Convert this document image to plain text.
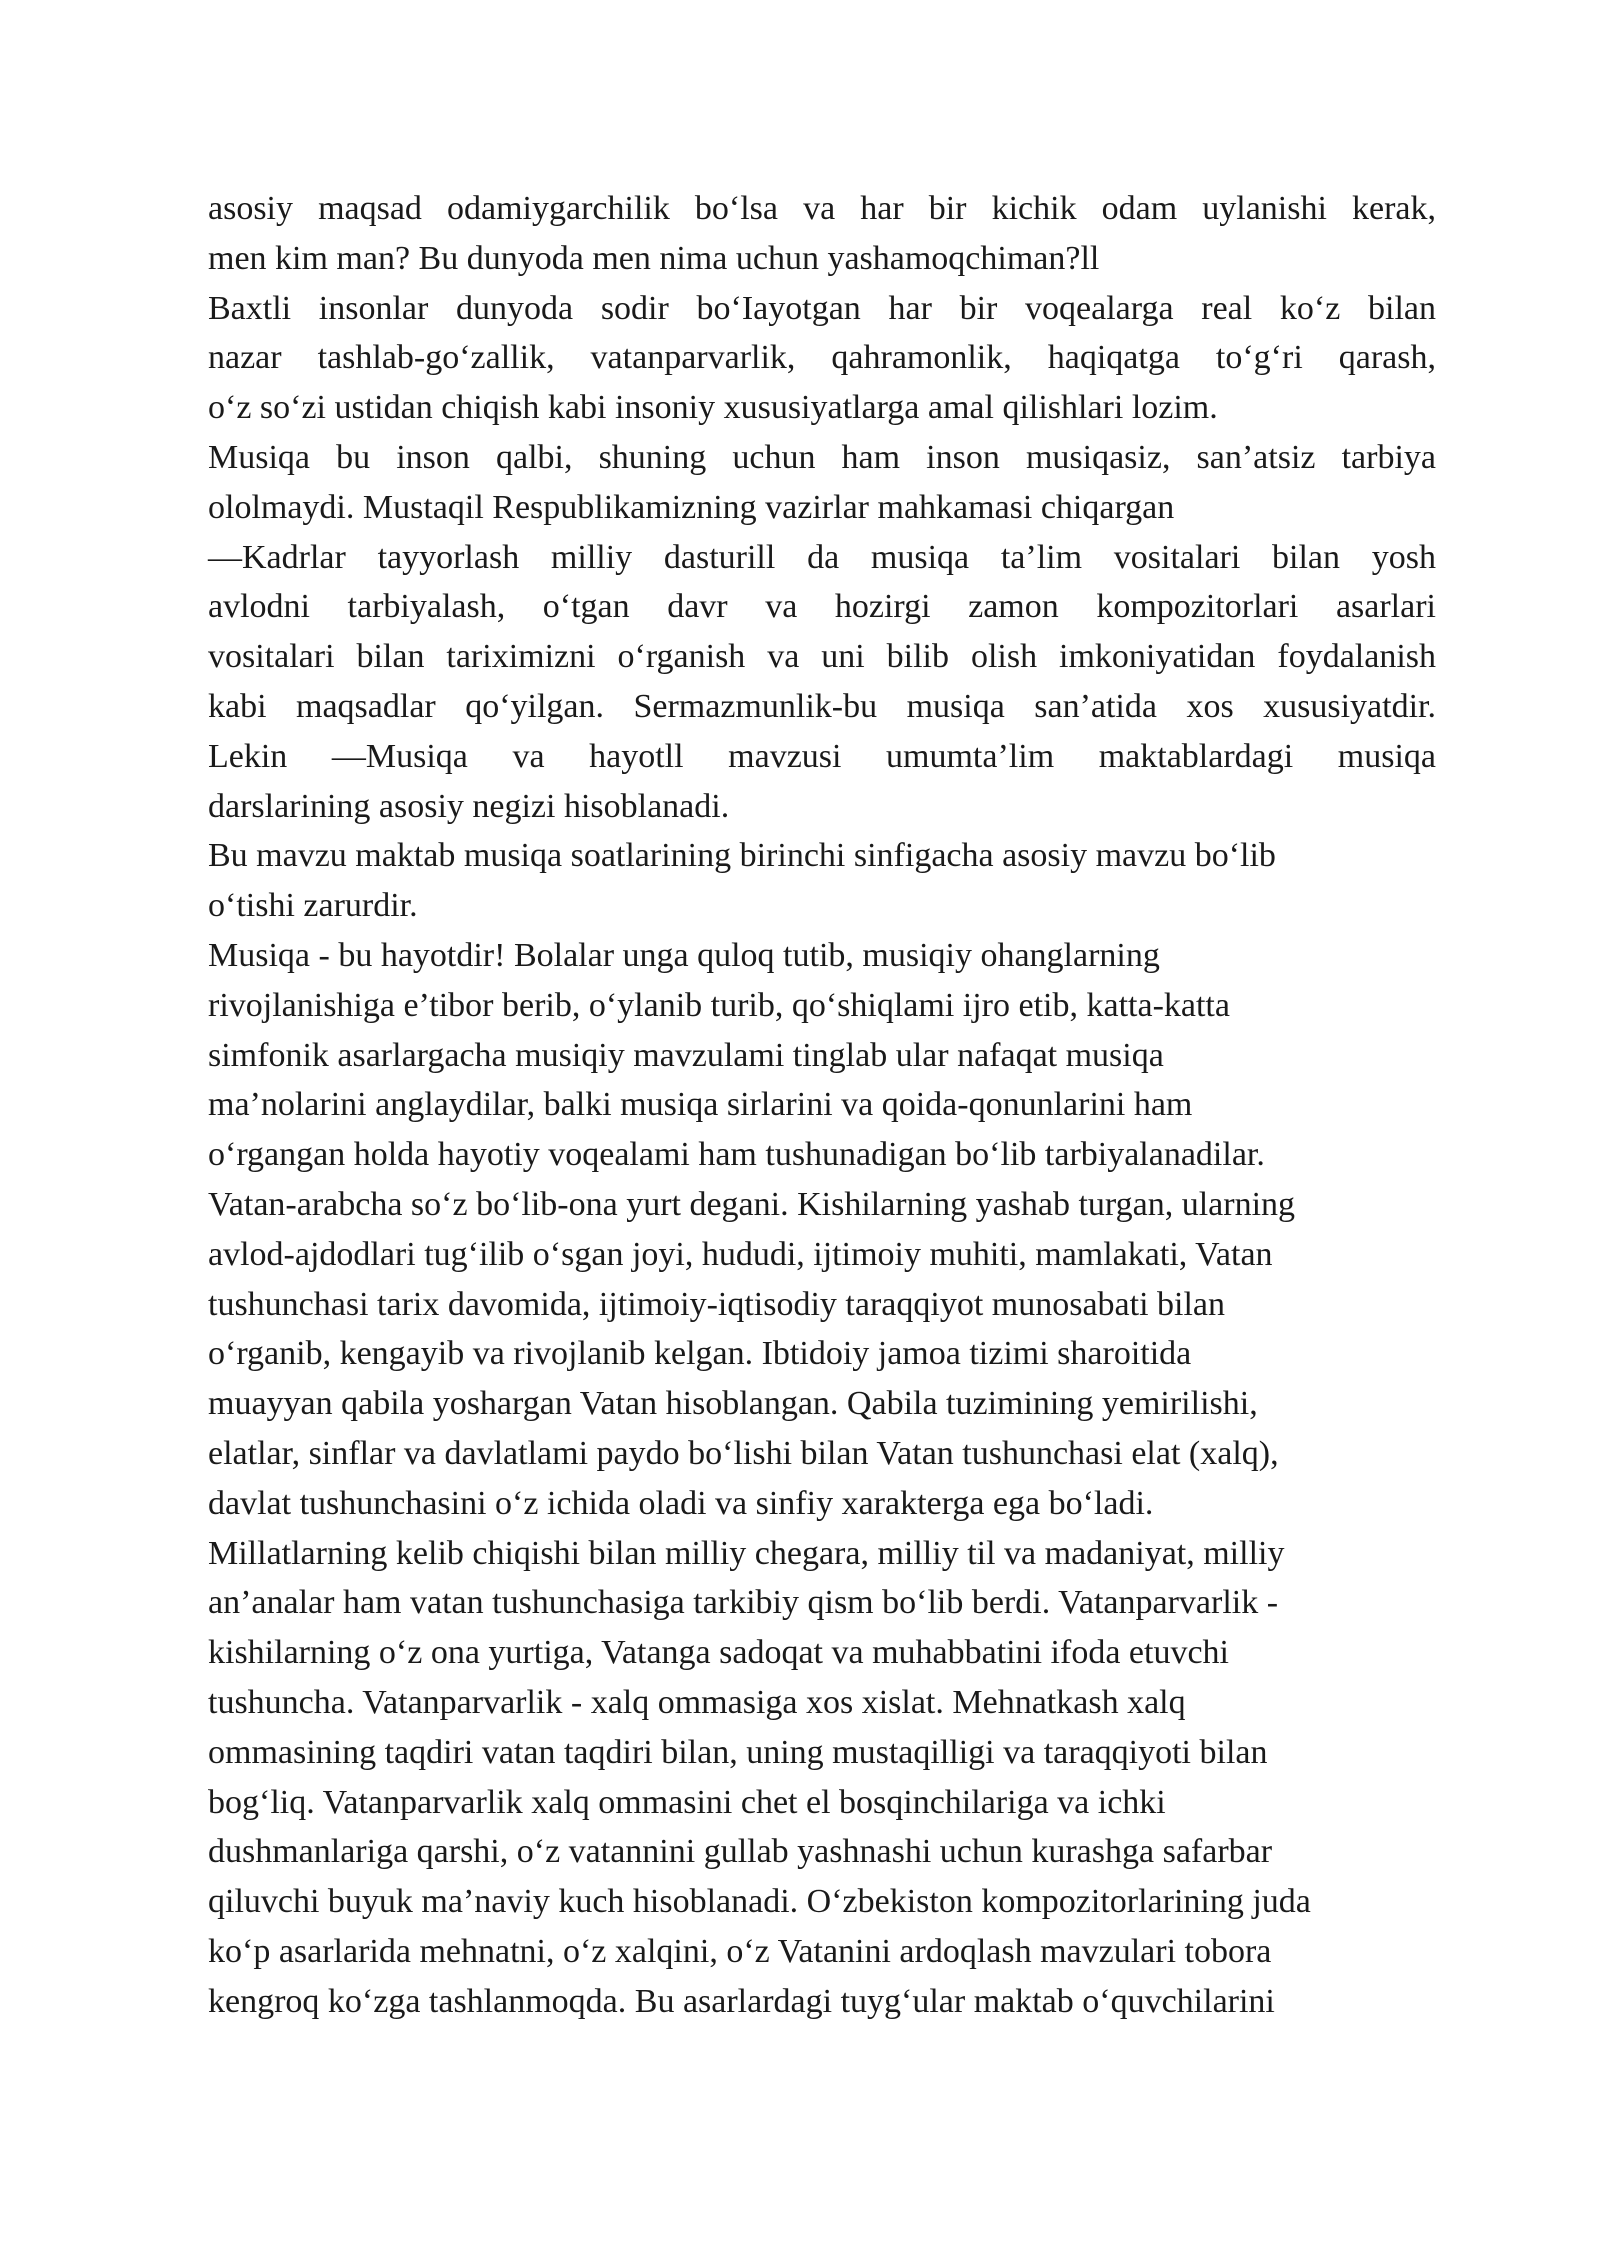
asosiy maqsad odamiygarchilik boʻlsa va har bir kichik odam uylanishi kerak,
men kim man? Bu dunyoda men nima uchun yashamoqchiman?ll
Baxtli insonlar dunyoda sodir boʻIayotgan har bir voqealarga real koʻz bilan
nazar tashlab-goʻzallik, vatanparvarlik, qahramonlik, haqiqatga toʻgʻri qarash,
oʻz soʻzi ustidan chiqish kabi insoniy xususiyatlarga amal qilishlari lozim.
Musiqa bu inson qalbi, shuning uchun ham inson musiqasiz, san’atsiz tarbiya
ololmaydi. Mustaqil Respublikamizning vazirlar mahkamasi chiqargan
―Kadrlar tayyorlash milliy dasturill da musiqa ta’lim vositalari bilan yosh
avlodni tarbiyalash, oʻtgan davr va hozirgi zamon kompozitorlari asarlari
vositalari bilan tariximizni oʻrganish va uni bilib olish imkoniyatidan foydalanish
kabi maqsadlar qoʻyilgan. Sermazmunlik-bu musiqa san’atida xos xususiyatdir.
Lekin ―Musiqa va hayotll mavzusi umumta’lim maktablardagi musiqa
darslarining asosiy negizi hisoblanadi.
Bu mavzu maktab musiqa soatlarining birinchi sinfigacha asosiy mavzu boʻlib
oʻtishi zarurdir.
Musiqa - bu hayotdir! Bolalar unga quloq tutib, musiqiy ohanglarning
rivojlanishiga e’tibor berib, oʻylanib turib, qoʻshiqlami ijro etib, katta-katta
simfonik asarlargacha musiqiy mavzulami tinglab ular nafaqat musiqa
ma’nolarini anglaydilar, balki musiqa sirlarini va qoida-qonunlarini ham
oʻrgangan holda hayotiy voqealami ham tushunadigan boʻlib tarbiyalanadilar.
Vatan-arabcha soʻz boʻlib-ona yurt degani. Kishilarning yashab turgan, ularning
avlod-ajdodlari tugʻilib oʻsgan joyi, hududi, ijtimoiy muhiti, mamlakati, Vatan
tushunchasi tarix davomida, ijtimoiy-iqtisodiy taraqqiyot munosabati bilan
oʻrganib, kengayib va rivojlanib kelgan. Ibtidoiy jamoa tizimi sharoitida
muayyan qabila yoshargan Vatan hisoblangan. Qabila tuzimining yemirilishi,
elatlar, sinflar va davlatlami paydo boʻlishi bilan Vatan tushunchasi elat (xalq),
davlat tushunchasini oʻz ichida oladi va sinfiy xarakterga ega boʻladi.
Millatlarning kelib chiqishi bilan milliy chegara, milliy til va madaniyat, milliy
an’analar ham vatan tushunchasiga tarkibiy qism boʻlib berdi. Vatanparvarlik -
kishilarning oʻz ona yurtiga, Vatanga sadoqat va muhabbatini ifoda etuvchi
tushuncha. Vatanparvarlik - xalq ommasiga xos xislat. Mehnatkash xalq
ommasining taqdiri vatan taqdiri bilan, uning mustaqilligi va taraqqiyoti bilan
bogʻliq. Vatanparvarlik xalq ommasini chet el bosqinchilariga va ichki
dushmanlariga qarshi, oʻz vatannini gullab yashnashi uchun kurashga safarbar
qiluvchi buyuk ma’naviy kuch hisoblanadi. Oʻzbekiston kompozitorlarining juda
koʻp asarlarida mehnatni, oʻz xalqini, oʻz Vatanini ardoqlash mavzulari tobora
kengroq koʻzga tashlanmoqda. Bu asarlardagi tuygʻular maktab oʻquvchilarini
